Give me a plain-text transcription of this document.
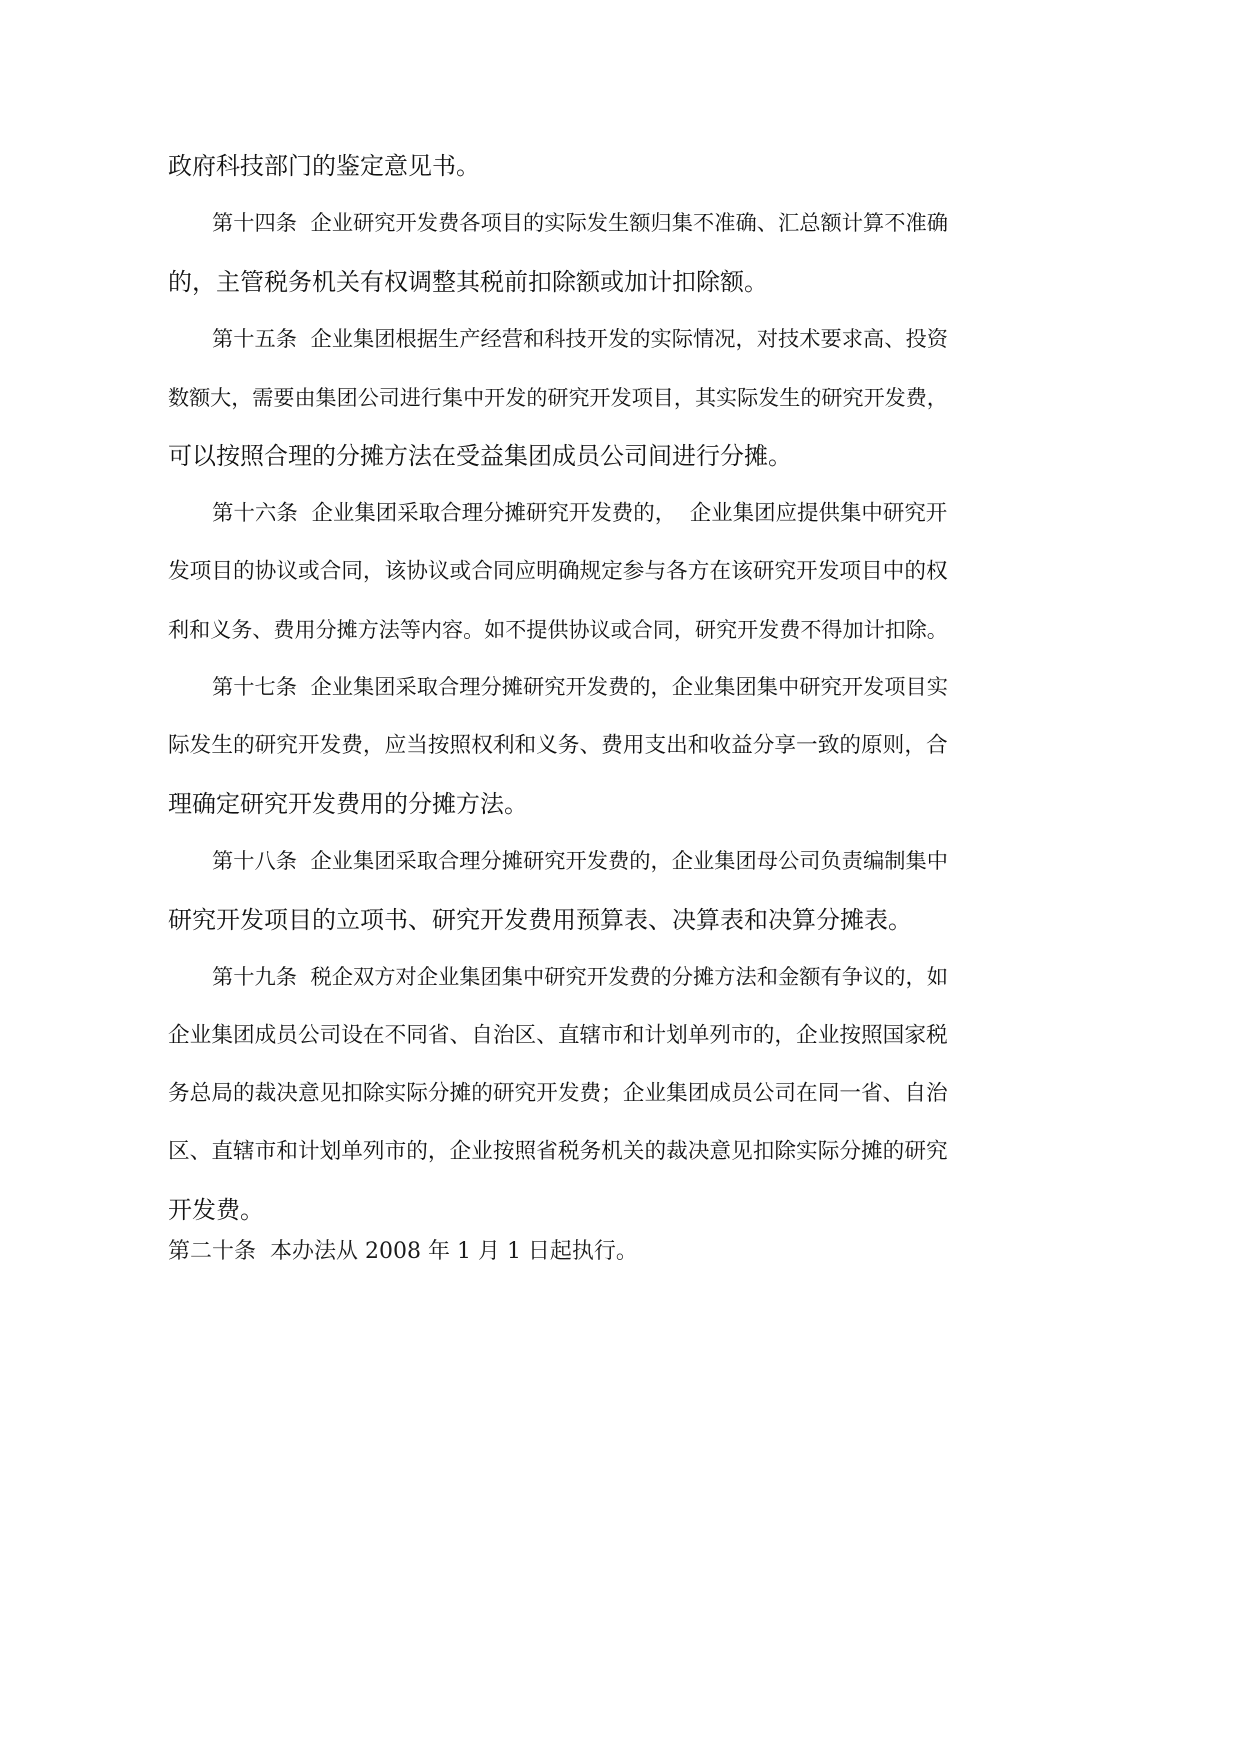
政府科技部门的鉴定意见书。
第十四条  企业研究开发费各项目的实际发生额归集不准确、汇总额计算不准确
的，主管税务机关有权调整其税前扣除额或加计扣除额。
第十五条  企业集团根据生产经营和科技开发的实际情况，对技术要求高、投资
数额大，需要由集团公司进行集中开发的研究开发项目，其实际发生的研究开发费，
可以按照合理的分摊方法在受益集团成员公司间进行分摊。
第十六条  企业集团采取合理分摊研究开发费的，  企业集团应提供集中研究开
发项目的协议或合同，该协议或合同应明确规定参与各方在该研究开发项目中的权
利和义务、费用分摊方法等内容。如不提供协议或合同，研究开发费不得加计扣除。
第十七条  企业集团采取合理分摊研究开发费的，企业集团集中研究开发项目实
际发生的研究开发费，应当按照权利和义务、费用支出和收益分享一致的原则，合
理确定研究开发费用的分摊方法。
第十八条  企业集团采取合理分摊研究开发费的，企业集团母公司负责编制集中
研究开发项目的立项书、研究开发费用预算表、决算表和决算分摊表。
第十九条  税企双方对企业集团集中研究开发费的分摊方法和金额有争议的，如
企业集团成员公司设在不同省、自治区、直辖市和计划单列市的，企业按照国家税
务总局的裁决意见扣除实际分摊的研究开发费；企业集团成员公司在同一省、自治
区、直辖市和计划单列市的，企业按照省税务机关的裁决意见扣除实际分摊的研究
开发费。
第二十条  本办法从 2008 年 1 月 1 日起执行。
